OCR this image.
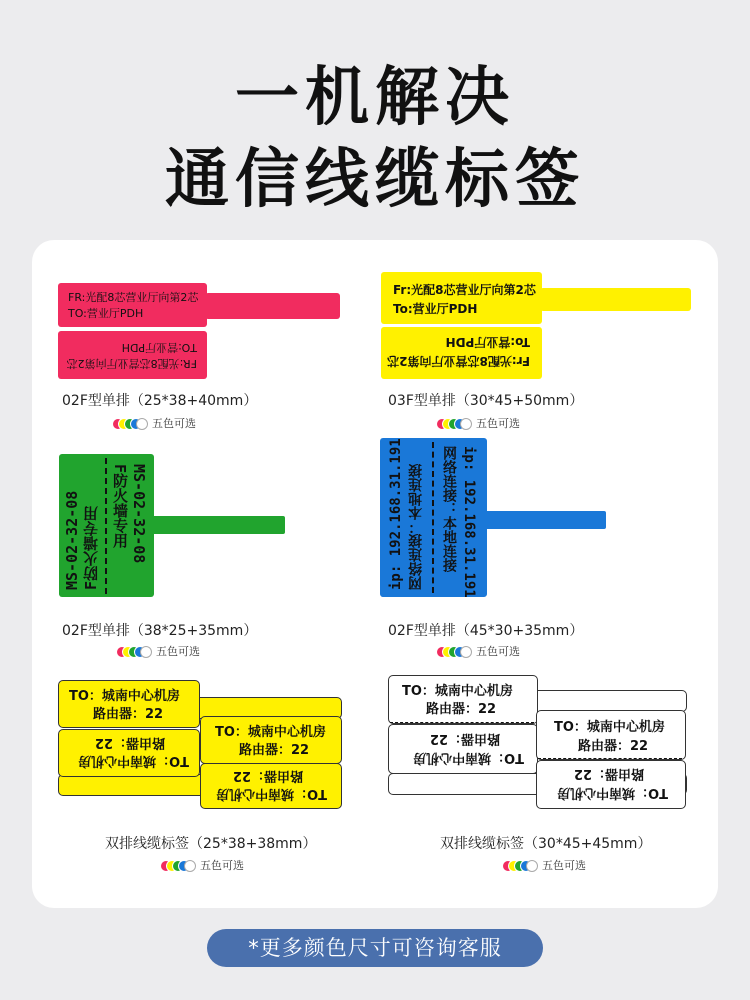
一机解决
通信线缆标签
FR:光配8芯营业厅向第2芯
TO:营业厅PDH
FR:光配8芯营业厅向第2芯
TO:营业厅PDH
02F型单排（25*38+40mm）
五色可选
Fr:光配8芯营业厅向第2芯
To:营业厅PDH
Fr:光配8芯营业厅向第2芯
To:营业厅PDH
03F型单排（30*45+50mm）
五色可选
MS-02-32-08
F防火墙专用	MS-02-32-08
F防火墙专用
02F型单排（38*25+35mm）
五色可选
ip: 192.168.31.191 网络连接：本地连接	ip: 192.168.31.191
网络连接：本地连接
02F型单排（45*30+35mm）
五色可选
TO：城南中心机房
路由器：22
TO：城南中心机房
路由器：22
TO：城南中心机房
路由器：22
TO：城南中心机房
路由器：22
双排线缆标签（25*38+38mm）
五色可选
TO：城南中心机房
路由器：22
TO：城南中心机房
路由器：22
TO：城南中心机房
路由器：22
TO：城南中心机房
路由器：22
双排线缆标签（30*45+45mm）
五色可选
*更多颜色尺寸可咨询客服
